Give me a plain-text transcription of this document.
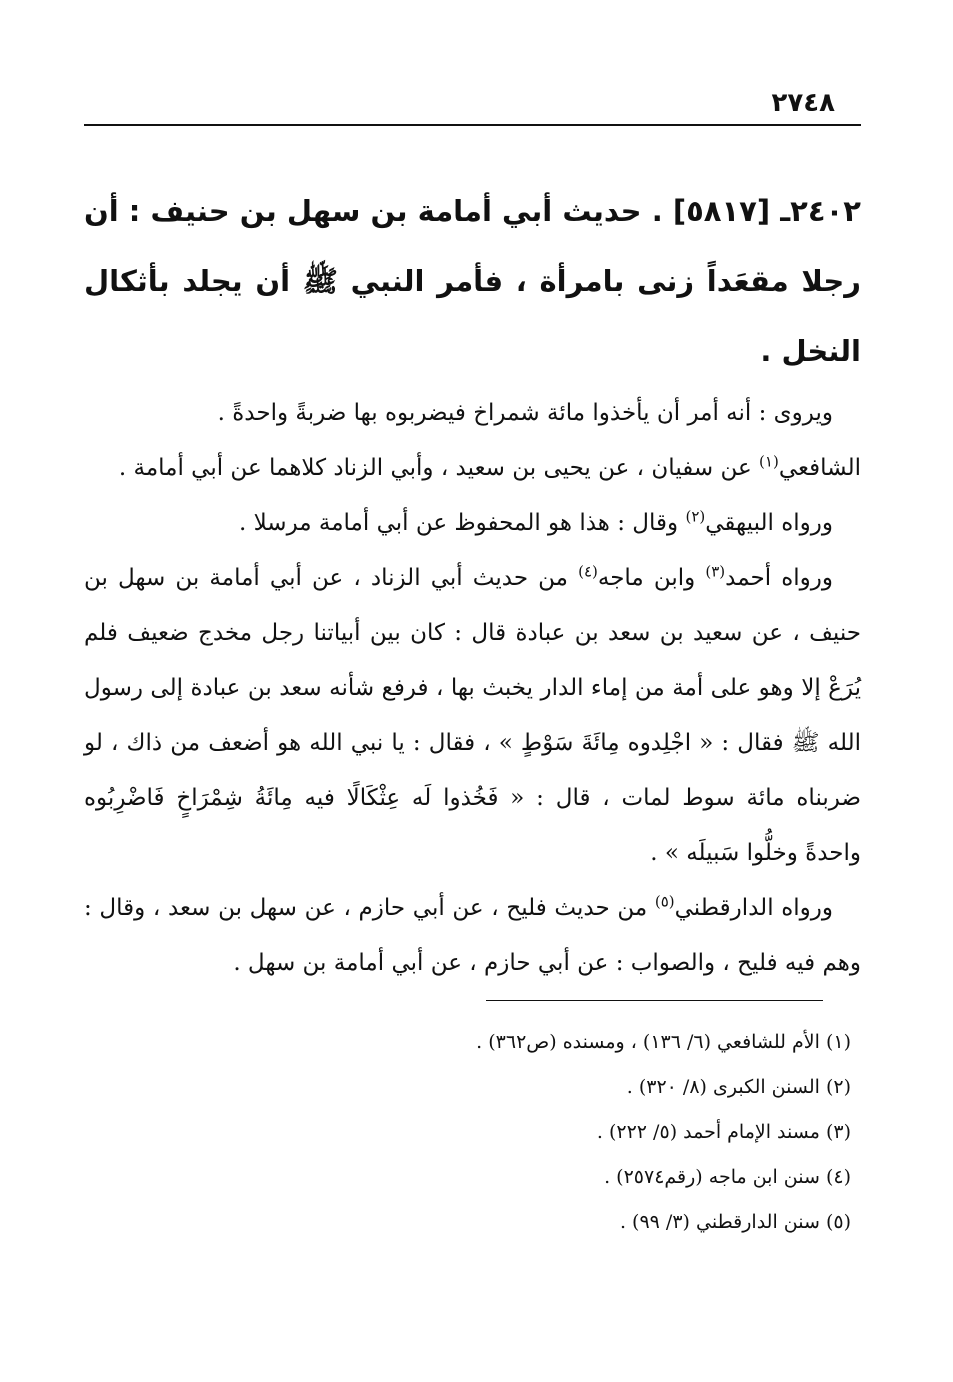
٢٧٤٨

٢٤٠٢ـ [٥٨١٧] . حديث أبي أمامة بن سهل بن حنيف : أن رجلا مقعَداً زنى بامرأة ، فأمر النبي ﷺ أن يجلد بأثكال النخل .

ويروى : أنه أمر أن يأخذوا مائة شمراخ فيضربوه بها ضربةً واحدةً .

الشافعي$^{(١)}$ عن سفيان ، عن يحيى بن سعيد ، وأبي الزناد كلاهما عن أبي أمامة .

ورواه البيهقي$^{(٢)}$ وقال : هذا هو المحفوظ عن أبي أمامة مرسلا .

ورواه أحمد$^{(٣)}$ وابن ماجه$^{(٤)}$ من حديث أبي الزناد ، عن أبي أمامة بن سهل بن حنيف ، عن سعيد بن سعد بن عبادة قال : كان بين أبياتنا رجل مخدج ضعيف فلم يُرَعْ إلا وهو على أمة من إماء الدار يخبث بها ، فرفع شأنه سعد بن عبادة إلى رسول الله ﷺ فقال : « اجْلِدوه مِائَةَ سَوْطٍ » ، فقال : يا نبي الله هو أضعف من ذاك ، لو ضربناه مائة سوط لمات ، قال : « فَخُذوا لَه عِثْكَالًا فيه مِائَةُ شِمْرَاخٍ فَاضْرِبُوه واحدةً وخلُّوا سَبيلَه » .

ورواه الدارقطني$^{(٥)}$ من حديث فليح ، عن أبي حازم ، عن سهل بن سعد ، وقال : وهم فيه فليح ، والصواب : عن أبي حازم ، عن أبي أمامة بن سهل .

(١) الأم للشافعي (٦/ ١٣٦) ، ومسنده (ص٣٦٢) .

(٢) السنن الكبرى (٨/ ٣٢٠) .

(٣) مسند الإمام أحمد (٥/ ٢٢٢) .

(٤) سنن ابن ماجه (رقم٢٥٧٤) .

(٥) سنن الدارقطني (٣/ ٩٩) .
